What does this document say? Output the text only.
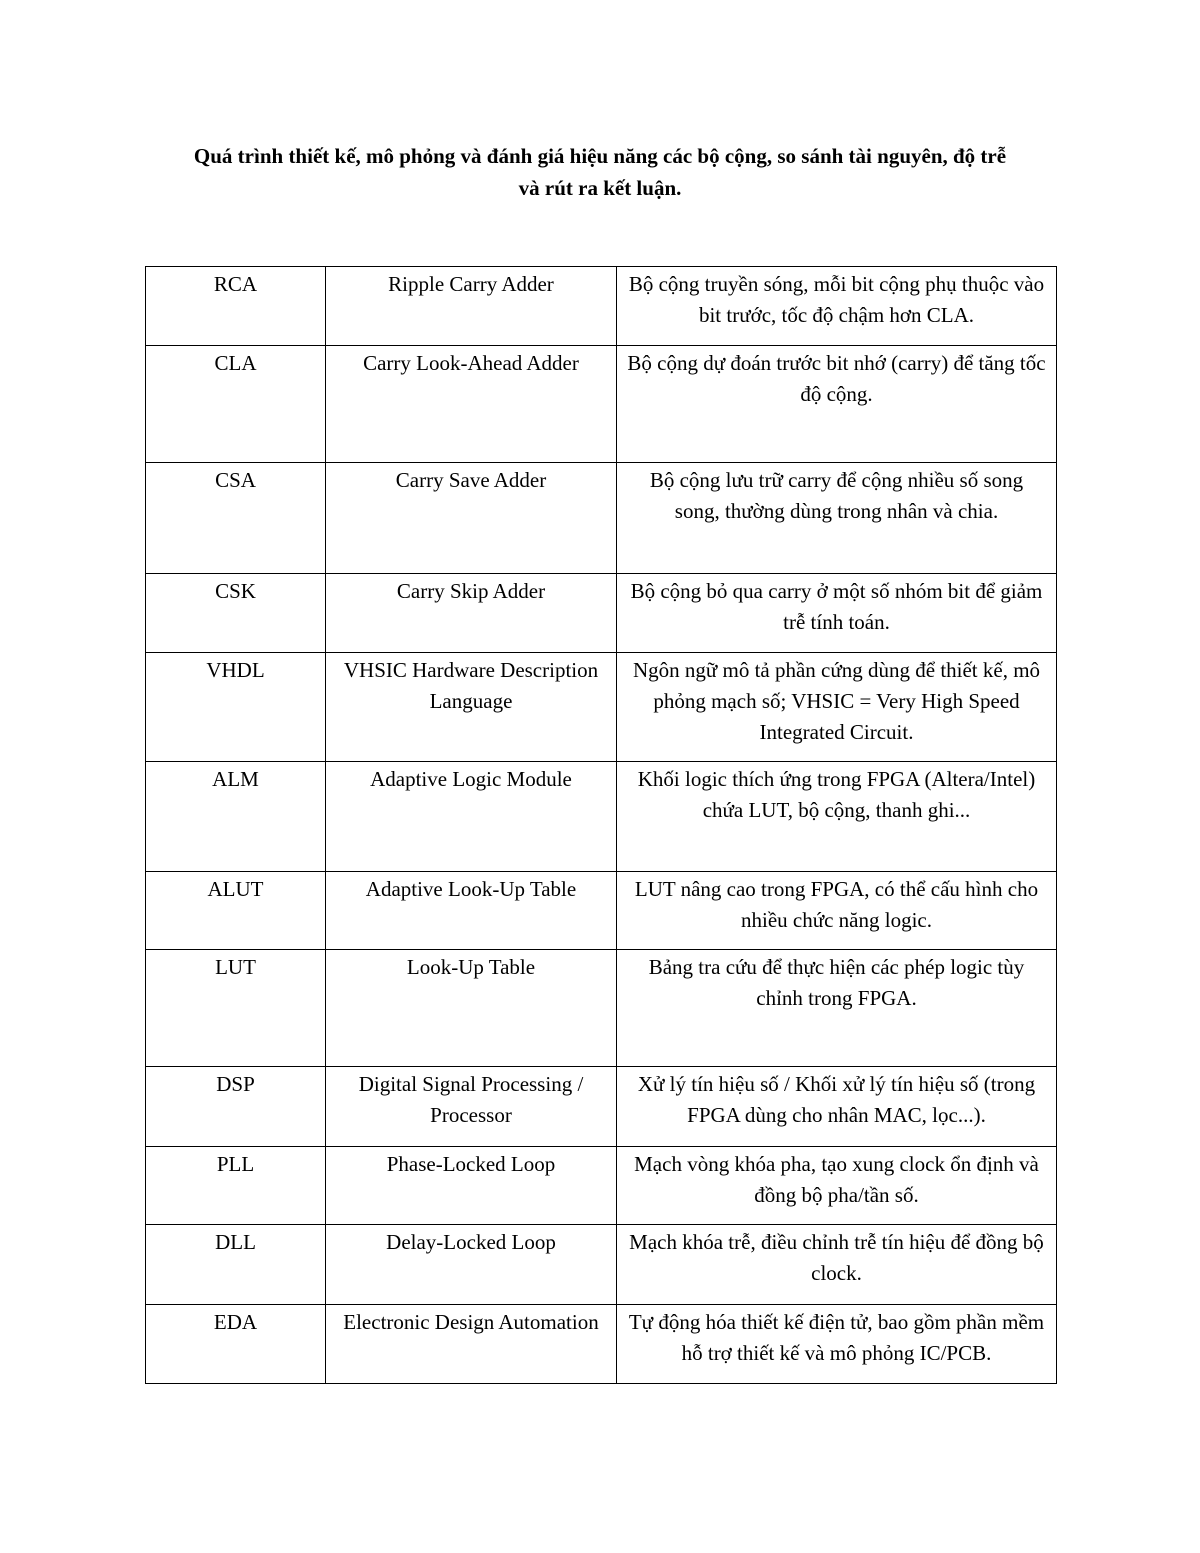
Quá trình thiết kế, mô phỏng và đánh giá hiệu năng các bộ cộng, so sánh tài nguyên, độ trễ
và rút ra kết luận.
RCA	Ripple Carry Adder	Bộ cộng truyền sóng, mỗi bit cộng phụ thuộc vào bit trước, tốc độ chậm hơn CLA.
CLA	Carry Look-Ahead Adder	Bộ cộng dự đoán trước bit nhớ (carry) để tăng tốc độ cộng.
CSA	Carry Save Adder	Bộ cộng lưu trữ carry để cộng nhiều số song song, thường dùng trong nhân và chia.
CSK	Carry Skip Adder	Bộ cộng bỏ qua carry ở một số nhóm bit để giảm trễ tính toán.
VHDL	VHSIC Hardware Description Language	Ngôn ngữ mô tả phần cứng dùng để thiết kế, mô phỏng mạch số; VHSIC = Very High Speed Integrated Circuit.
ALM	Adaptive Logic Module	Khối logic thích ứng trong FPGA (Altera/Intel) chứa LUT, bộ cộng, thanh ghi...
ALUT	Adaptive Look-Up Table	LUT nâng cao trong FPGA, có thể cấu hình cho nhiều chức năng logic.
LUT	Look-Up Table	Bảng tra cứu để thực hiện các phép logic tùy chỉnh trong FPGA.
DSP	Digital Signal Processing / Processor	Xử lý tín hiệu số / Khối xử lý tín hiệu số (trong FPGA dùng cho nhân MAC, lọc...).
PLL	Phase-Locked Loop	Mạch vòng khóa pha, tạo xung clock ổn định và đồng bộ pha/tần số.
DLL	Delay-Locked Loop	Mạch khóa trễ, điều chỉnh trễ tín hiệu để đồng bộ clock.
EDA	Electronic Design Automation	Tự động hóa thiết kế điện tử, bao gồm phần mềm hỗ trợ thiết kế và mô phỏng IC/PCB.
